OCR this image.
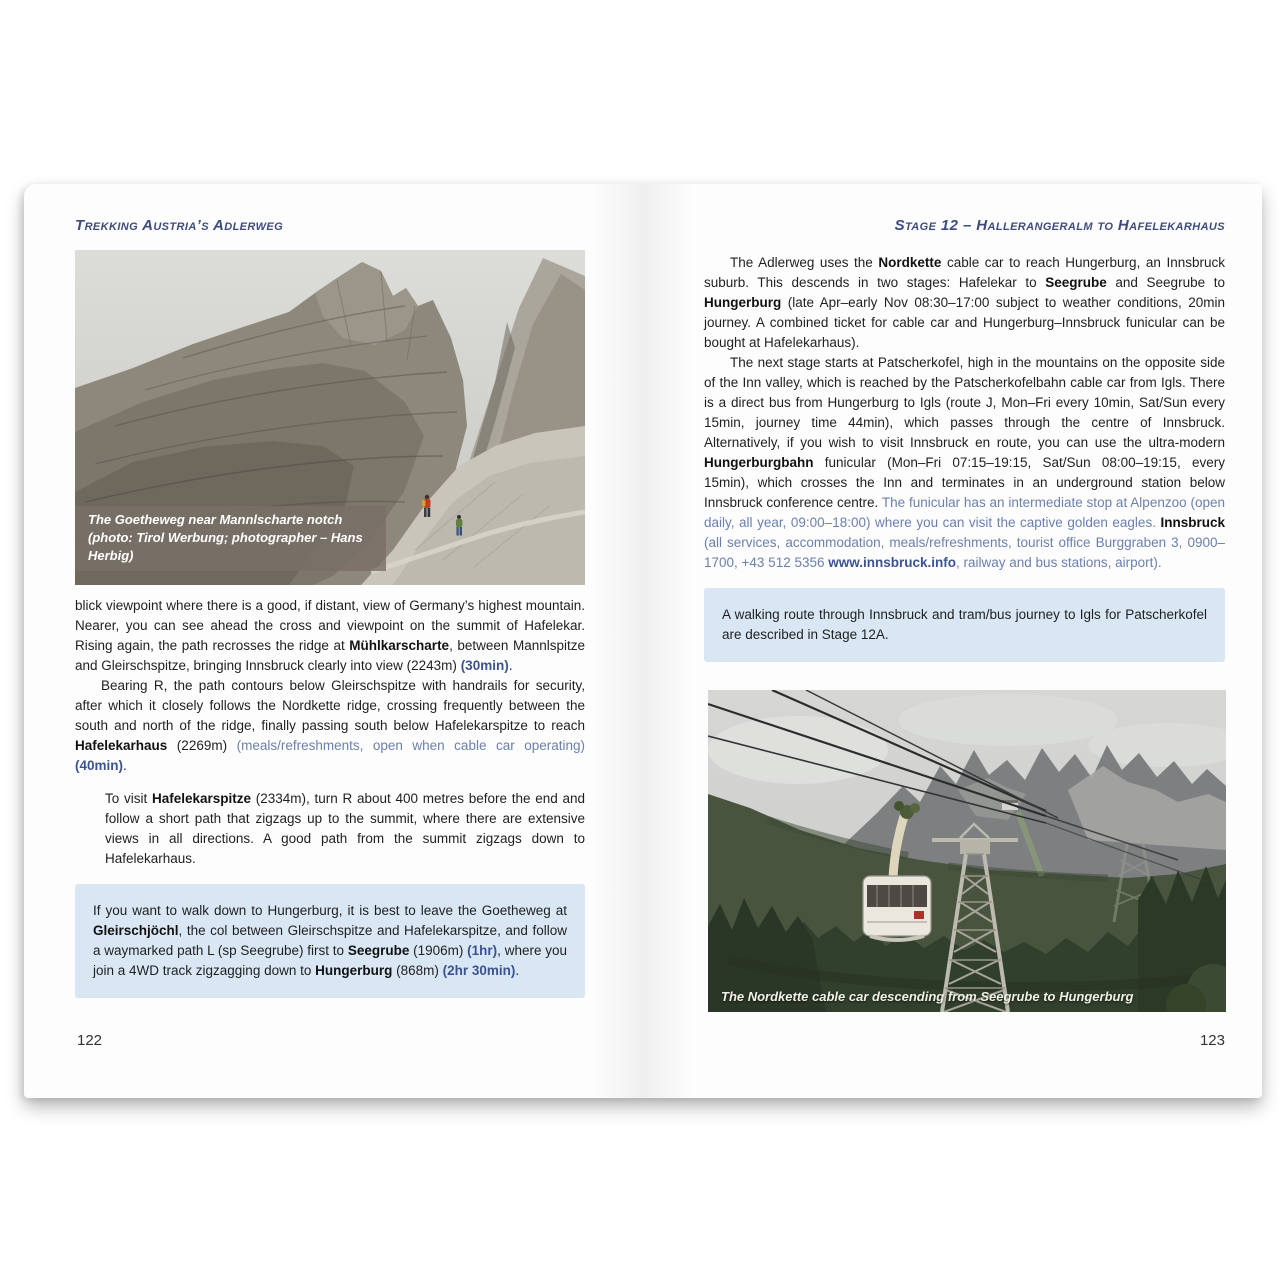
Trekking Austria’s Adlerweg
The Goetheweg near Mannlscharte notch (photo: Tirol Werbung; photographer – Hans Herbig)

blick viewpoint where there is a good, if distant, view of Germany’s highest mountain. Nearer, you can see ahead the cross and viewpoint on the summit of Hafelekar. Rising again, the path recrosses the ridge at Mühlkarscharte, between Mannlspitze and Gleirschspitze, bringing Innsbruck clearly into view (2243m) (30min).

Bearing R, the path contours below Gleirschspitze with handrails for security, after which it closely follows the Nordkette ridge, crossing frequently between the south and north of the ridge, finally passing south below Hafelekarspitze to reach Hafelekarhaus (2269m) (meals/refreshments, open when cable car operating) (40min).

To visit Hafelekarspitze (2334m), turn R about 400 metres before the end and follow a short path that zigzags up to the summit, where there are extensive views in all directions. A good path from the summit zigzags down to Hafelekarhaus.

If you want to walk down to Hungerburg, it is best to leave the Goetheweg at Gleirschjöchl, the col between Gleirschspitze and Hafelekarspitze, and follow a waymarked path L (sp Seegrube) first to Seegrube (1906m) (1hr), where you join a 4WD track zigzagging down to Hungerburg (868m) (2hr 30min).
122
Stage 12 – Hallerangeralm to Hafelekarhaus

The Adlerweg uses the Nordkette cable car to reach Hungerburg, an Innsbruck suburb. This descends in two stages: Hafelekar to Seegrube and Seegrube to Hungerburg (late Apr–early Nov 08:30–17:00 subject to weather conditions, 20min journey. A combined ticket for cable car and Hungerburg–Innsbruck funicular can be bought at Hafelekarhaus).

The next stage starts at Patscherkofel, high in the mountains on the opposite side of the Inn valley, which is reached by the Patscherkofelbahn cable car from Igls. There is a direct bus from Hungerburg to Igls (route J, Mon–Fri every 10min, Sat/Sun every 15min, journey time 44min), which passes through the centre of Innsbruck. Alternatively, if you wish to visit Innsbruck en route, you can use the ultra-modern Hungerburgbahn funicular (Mon–Fri 07:15–19:15, Sat/Sun 08:00–19:15, every 15min), which crosses the Inn and terminates in an underground station below Innsbruck conference centre. The funicular has an intermediate stop at Alpenzoo (open daily, all year, 09:00–18:00) where you can visit the captive golden eagles. Innsbruck (all services, accommodation, meals/refreshments, tourist office Burggraben 3, 0900–1700, +43 512 5356 www.innsbruck.info, railway and bus stations, airport).

A walking route through Innsbruck and tram/bus journey to Igls for Patscherkofel are described in Stage 12A.
The Nordkette cable car descending from Seegrube to Hungerburg
123
